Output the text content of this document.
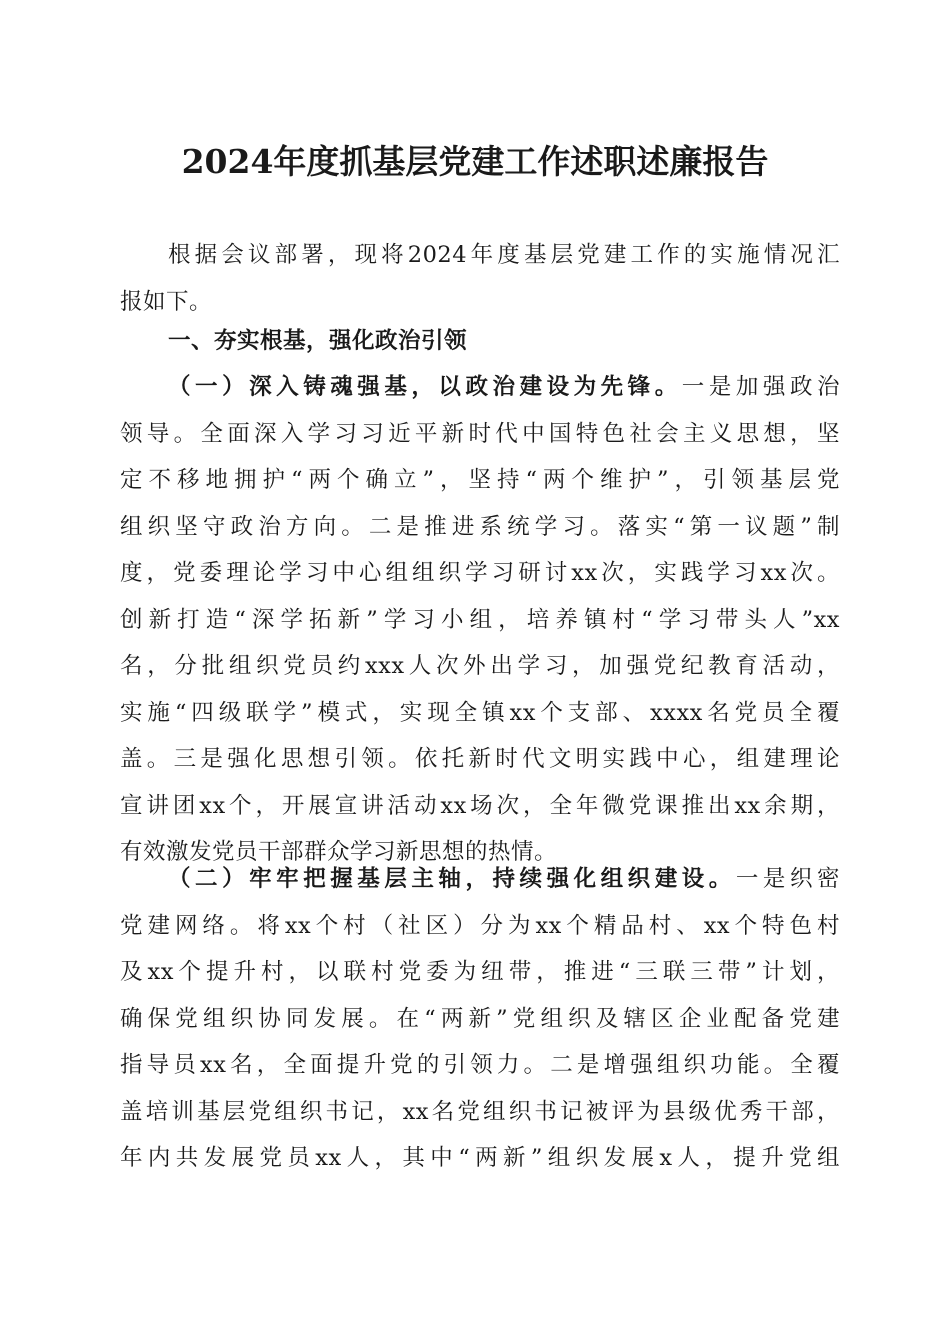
2024年度抓基层党建工作述职述廉报告
根据会议部署，现将2024年度基层党建工作的实施情况汇
报如下。
一、夯实根基，强化政治引领
（一）深入铸魂强基，以政治建设为先锋。一是加强政治
领导。全面深入学习习近平新时代中国特色社会主义思想，坚
定不移地拥护“两个确立”，坚持“两个维护”，引领基层党
组织坚守政治方向。二是推进系统学习。落实“第一议题”制
度，党委理论学习中心组组织学习研讨xx次，实践学习xx次。
创新打造“深学拓新”学习小组，培养镇村“学习带头人”xx
名，分批组织党员约xxx人次外出学习，加强党纪教育活动，
实施“四级联学”模式，实现全镇xx个支部、xxxx名党员全覆
盖。三是强化思想引领。依托新时代文明实践中心，组建理论
宣讲团xx个，开展宣讲活动xx场次，全年微党课推出xx余期，
有效激发党员干部群众学习新思想的热情。
（二）牢牢把握基层主轴，持续强化组织建设。一是织密
党建网络。将xx个村（社区）分为xx个精品村、xx个特色村
及xx个提升村，以联村党委为纽带，推进“三联三带”计划，
确保党组织协同发展。在“两新”党组织及辖区企业配备党建
指导员xx名，全面提升党的引领力。二是增强组织功能。全覆
盖培训基层党组织书记，xx名党组织书记被评为县级优秀干部，
年内共发展党员xx人，其中“两新”组织发展x人，提升党组
